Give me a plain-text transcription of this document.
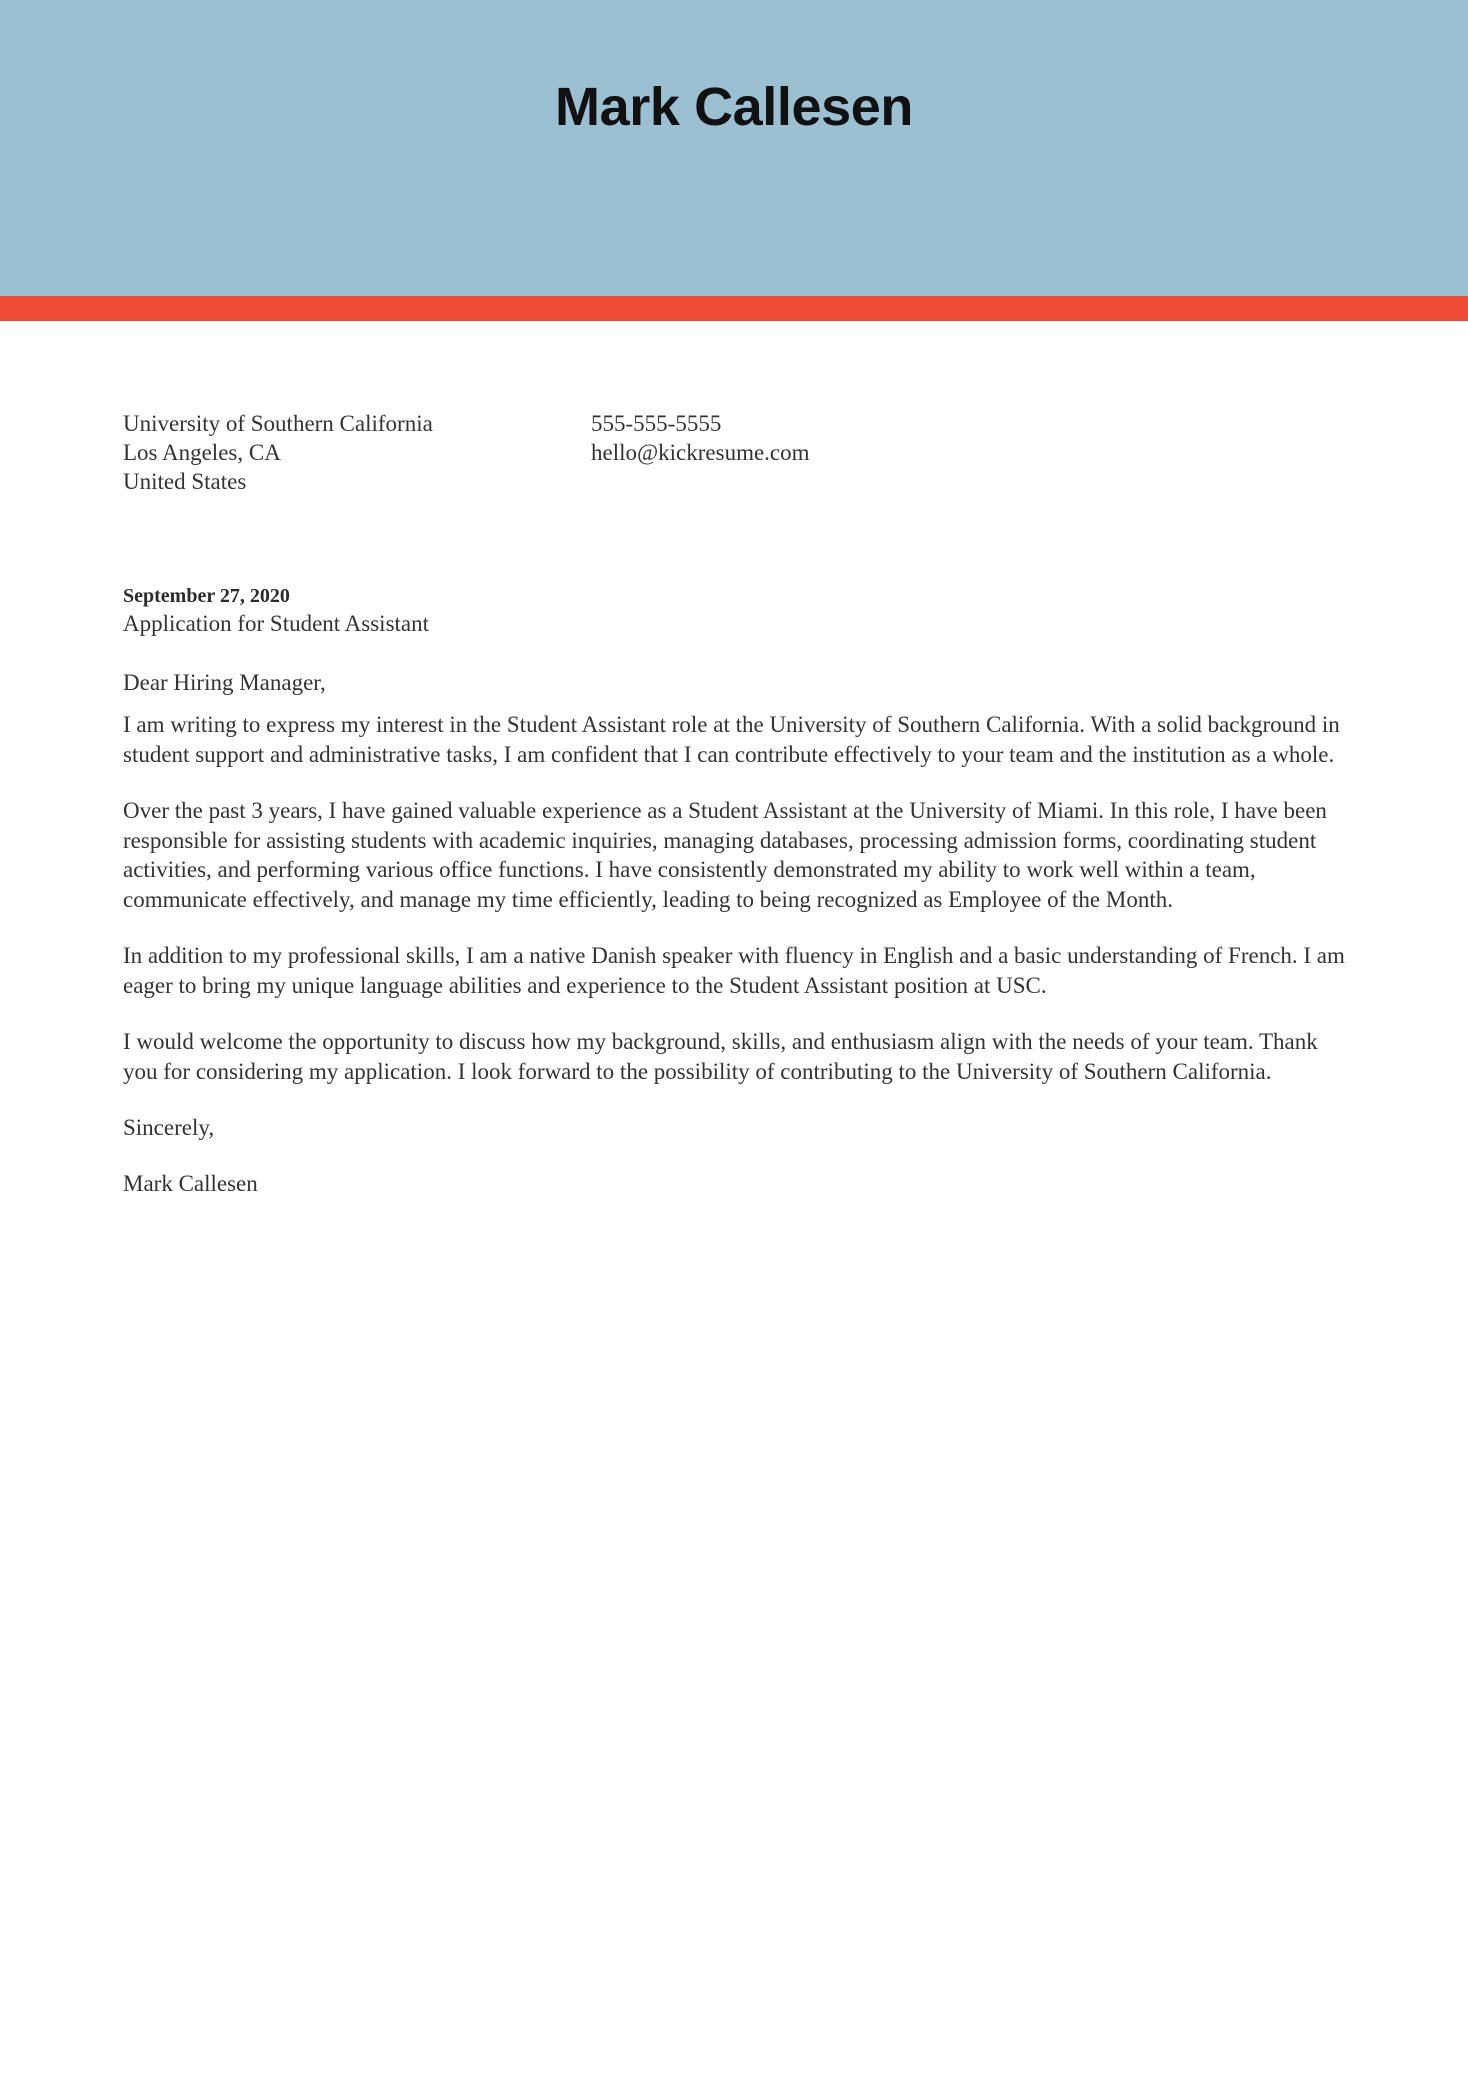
Mark Callesen
University of Southern California
Los Angeles, CA
United States
555-555-5555
hello@kickresume.com
September 27, 2020
Application for Student Assistant
Dear Hiring Manager,

I am writing to express my interest in the Student Assistant role at the University of Southern California. With a solid background in student support and administrative tasks, I am confident that I can contribute effectively to your team and the institution as a whole.

Over the past 3 years, I have gained valuable experience as a Student Assistant at the University of Miami. In this role, I have been responsible for assisting students with academic inquiries, managing databases, processing admission forms, coordinating student activities, and performing various office functions. I have consistently demonstrated my ability to work well within a team, communicate effectively, and manage my time efficiently, leading to being recognized as Employee of the Month.

In addition to my professional skills, I am a native Danish speaker with fluency in English and a basic understanding of French. I am eager to bring my unique language abilities and experience to the Student Assistant position at USC.

I would welcome the opportunity to discuss how my background, skills, and enthusiasm align with the needs of your team. Thank you for considering my application. I look forward to the possibility of contributing to the University of Southern California.

Sincerely,
Mark Callesen
